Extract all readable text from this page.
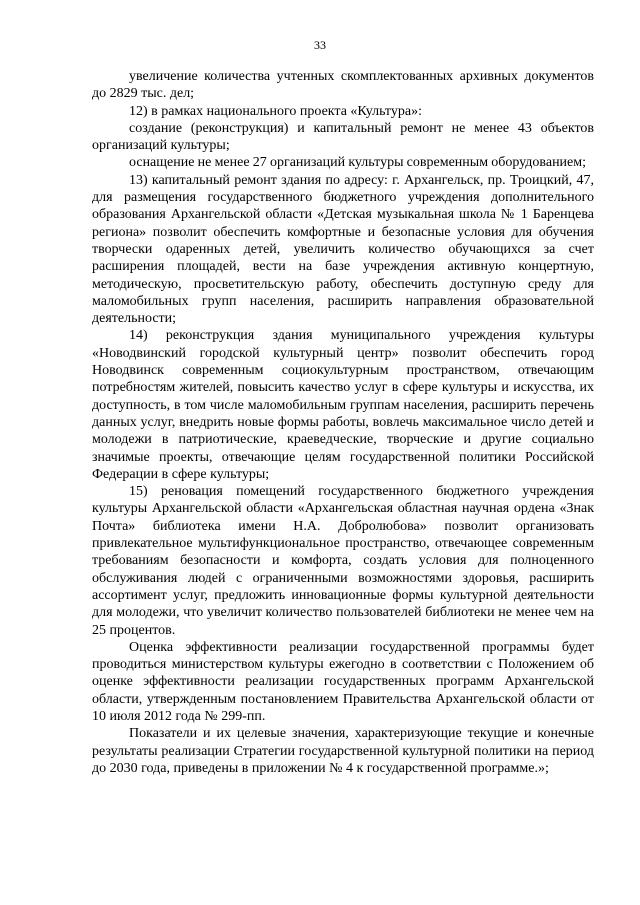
33

увеличение количества учтенных скомплектованных архивных документов до 2829 тыс. дел;

12) в рамках национального проекта «Культура»:

создание (реконструкция) и капитальный ремонт не менее 43 объектов организаций культуры;

оснащение не менее 27 организаций культуры современным оборудованием;

13) капитальный ремонт здания по адресу: г. Архангельск, пр. Троицкий, 47, для размещения государственного бюджетного учреждения дополнительного образования Архангельской области «Детская музыкальная школа № 1 Баренцева региона» позволит обеспечить комфортные и безопасные условия для обучения творчески одаренных детей, увеличить количество обучающихся за счет расширения площадей, вести на базе учреждения активную концертную, методическую, просветительскую работу, обеспечить доступную среду для маломобильных групп населения, расширить направления образовательной деятельности;

14) реконструкция здания муниципального учреждения культуры «Новодвинский городской культурный центр» позволит обеспечить город Новодвинск современным социокультурным пространством, отвечающим потребностям жителей, повысить качество услуг в сфере культуры и искусства, их доступность, в том числе маломобильным группам населения, расширить перечень данных услуг, внедрить новые формы работы, вовлечь максимальное число детей и молодежи в патриотические, краеведческие, творческие и другие социально значимые проекты, отвечающие целям государственной политики Российской Федерации в сфере культуры;

15) реновация помещений государственного бюджетного учреждения культуры Архангельской области «Архангельская областная научная ордена «Знак Почта» библиотека имени Н.А. Добролюбова» позволит организовать привлекательное мультифункциональное пространство, отвечающее современным требованиям безопасности и комфорта, создать условия для полноценного обслуживания людей с ограниченными возможностями здоровья, расширить ассортимент услуг, предложить инновационные формы культурной деятельности для молодежи, что увеличит количество пользователей библиотеки не менее чем на 25 процентов.

Оценка эффективности реализации государственной программы будет проводиться министерством культуры ежегодно в соответствии с Положением об оценке эффективности реализации государственных программ Архангельской области, утвержденным постановлением Правительства Архангельской области от 10 июля 2012 года № 299-пп.

Показатели и их целевые значения, характеризующие текущие и конечные результаты реализации Стратегии государственной культурной политики на период до 2030 года, приведены в приложении № 4 к государственной программе.»;
